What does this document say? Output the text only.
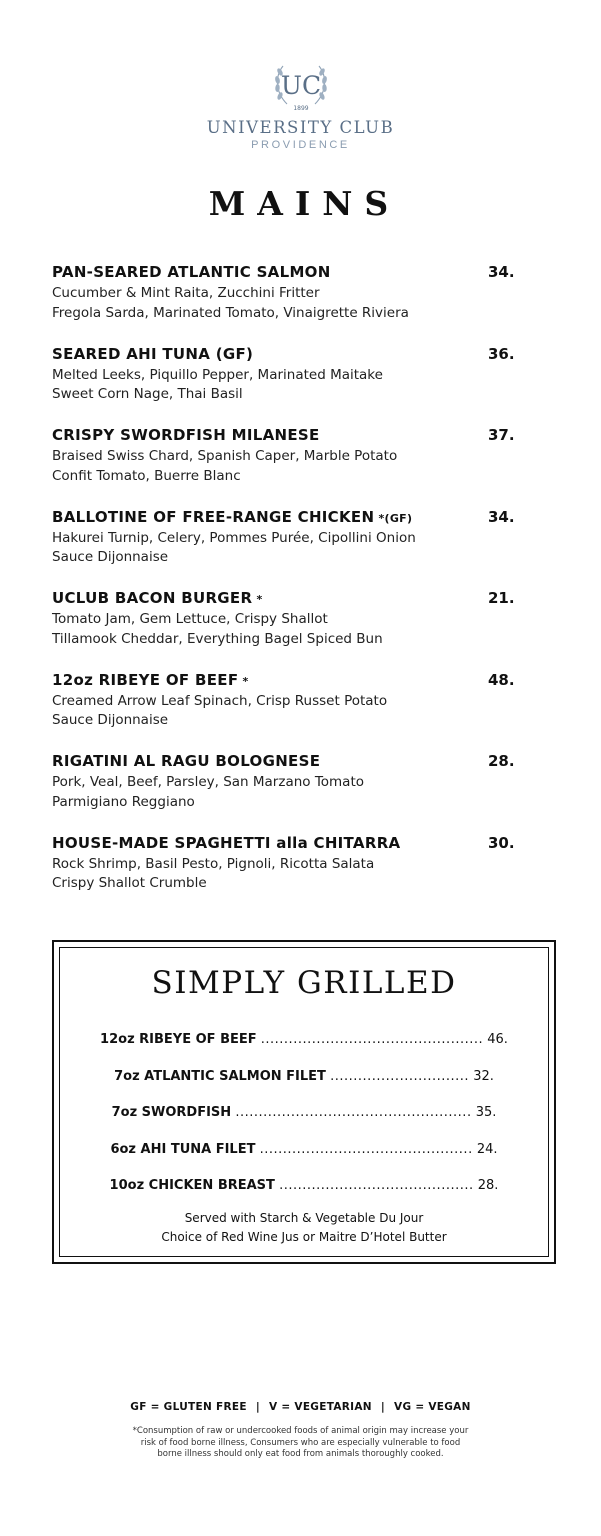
UC
1899
UNIVERSITY CLUB
PROVIDENCE
MAINS
PAN-SEARED ATLANTIC SALMON	34.
Cucumber & Mint Raita, Zucchini Fritter
Fregola Sarda, Marinated Tomato, Vinaigrette Riviera
SEARED AHI TUNA (GF)	36.
Melted Leeks, Piquillo Pepper, Marinated Maitake
Sweet Corn Nage, Thai Basil
CRISPY SWORDFISH MILANESE	37.
Braised Swiss Chard, Spanish Caper, Marble Potato
Confit Tomato, Buerre Blanc
BALLOTINE OF FREE-RANGE CHICKEN *(GF)	34.
Hakurei Turnip, Celery, Pommes Purée, Cipollini Onion
Sauce Dijonnaise
UCLUB BACON BURGER *	21.
Tomato Jam, Gem Lettuce, Crispy Shallot
Tillamook Cheddar, Everything Bagel Spiced Bun
12oz RIBEYE OF BEEF *	48.
Creamed Arrow Leaf Spinach, Crisp Russet Potato
Sauce Dijonnaise
RIGATINI AL RAGU BOLOGNESE	28.
Pork, Veal, Beef, Parsley, San Marzano Tomato
Parmigiano Reggiano
HOUSE-MADE SPAGHETTI alla CHITARRA	30.
Rock Shrimp, Basil Pesto, Pignoli, Ricotta Salata
Crispy Shallot Crumble
SIMPLY GRILLED
12oz RIBEYE OF BEEF ................................................ 46.
7oz ATLANTIC SALMON FILET .............................. 32.
7oz SWORDFISH ................................................... 35.
6oz AHI TUNA FILET .............................................. 24.
10oz CHICKEN BREAST .......................................... 28.
Served with Starch & Vegetable Du Jour
Choice of Red Wine Jus or Maitre D’Hotel Butter
GF = GLUTEN FREE | V = VEGETARIAN | VG = VEGAN
*Consumption of raw or undercooked foods of animal origin may increase your
risk of food borne illness, Consumers who are especially vulnerable to food
borne illness should only eat food from animals thoroughly cooked.
